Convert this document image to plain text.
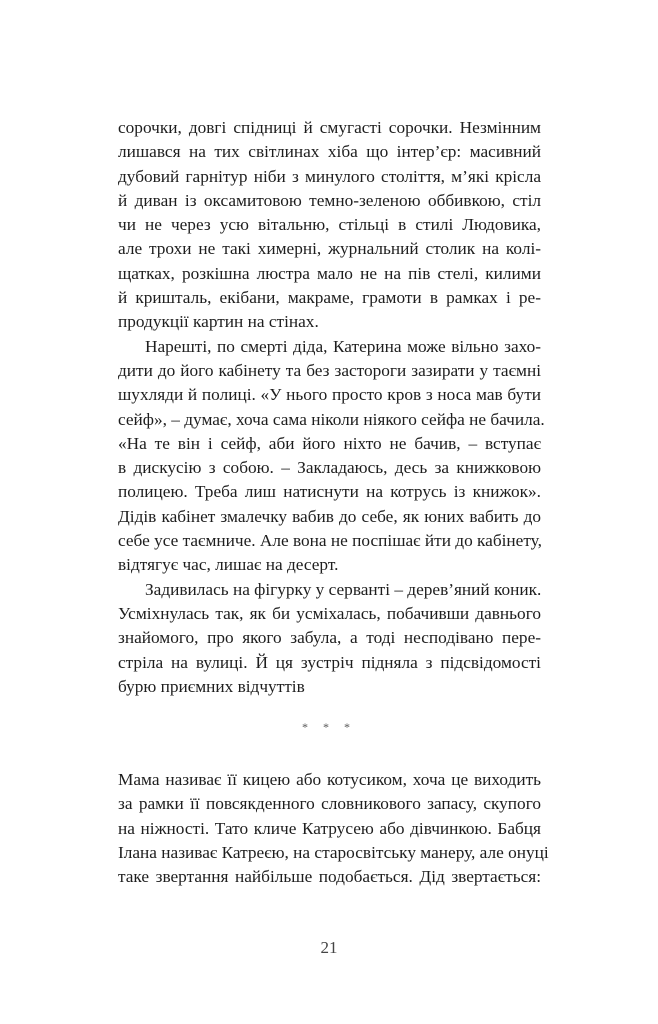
сорочки, довгі спідниці й смугасті сорочки. Незмінним
лишався на тих світлинах хіба що інтер’єр: масивний
дубовий гарнітур ніби з минулого століття, м’які крісла
й диван із оксамитовою темно-зеленою оббивкою, стіл
чи не через усю вітальню, стільці в стилі Людовика,
але трохи не такі химерні, журнальний столик на колі-
щатках, розкішна люстра мало не на пів стелі, килими
й кришталь, екібани, макраме, грамоти в рамках і ре-
продукції картин на стінах.
Нарешті, по смерті діда, Катерина може вільно захо-
дити до його кабінету та без застороги зазирати у таємні
шухляди й полиці. «У нього просто кров з носа мав бути
сейф», – думає, хоча сама ніколи ніякого сейфа не бачила.
«На те він і сейф, аби його ніхто не бачив, – вступає
в дискусію з собою. – Закладаюсь, десь за книжковою
полицею. Треба лиш натиснути на котрусь із книжок».
Дідів кабінет змалечку вабив до себе, як юних вабить до
себе усе таємниче. Але вона не поспішає йти до кабінету,
відтягує час, лишає на десерт.
Задивилась на фігурку у серванті – дерев’яний коник.
Усміхнулась так, як би усміхалась, побачивши давнього
знайомого, про якого забула, а тоді несподівано пере-
стріла на вулиці. Й ця зустріч підняла з підсвідомості
бурю приємних відчуттів
* * *
Мама називає її кицею або котусиком, хоча це виходить
за рамки її повсякденного словникового запасу, скупого
на ніжності. Тато кличе Катрусею або дівчинкою. Бабця
Ілана називає Катреєю, на старосвітську манеру, але онуці
таке звертання найбільше подобається. Дід звертається:
21
